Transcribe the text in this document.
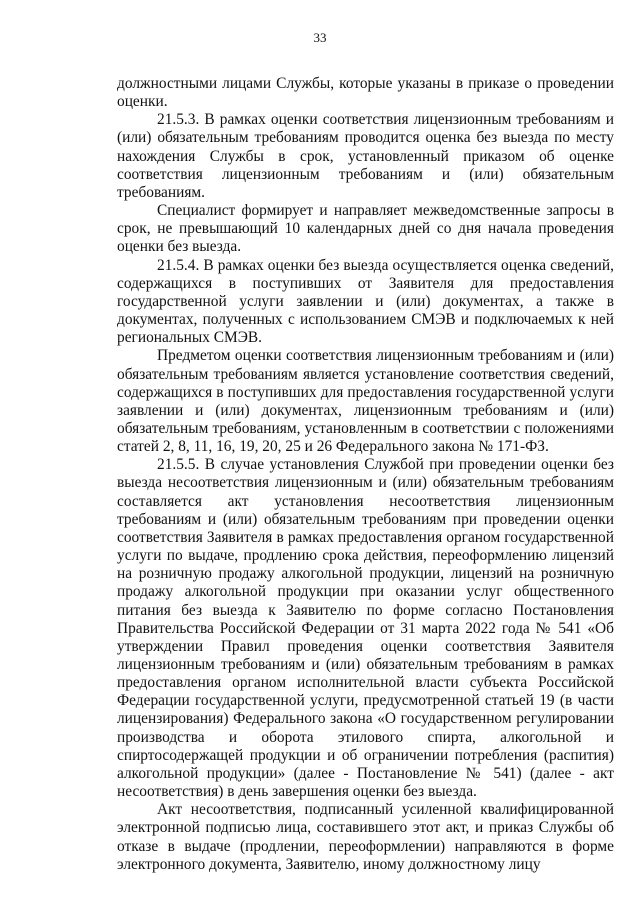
33

должностными лицами Службы, которые указаны в приказе о проведении оценки.

21.5.3. В рамках оценки соответствия лицензионным требованиям и (или) обязательным требованиям проводится оценка без выезда по месту нахождения Службы в срок, установленный приказом об оценке соответствия лицензионным требованиям и (или) обязательным требованиям.

Специалист формирует и направляет межведомственные запросы в срок, не превышающий 10 календарных дней со дня начала проведения оценки без выезда.

21.5.4. В рамках оценки без выезда осуществляется оценка сведений, содержащихся в поступивших от Заявителя для предоставления государственной услуги заявлении и (или) документах, а также в документах, полученных с использованием СМЭВ и подключаемых к ней региональных СМЭВ.

Предметом оценки соответствия лицензионным требованиям и (или) обязательным требованиям является установление соответствия сведений, содержащихся в поступивших для предоставления государственной услуги заявлении и (или) документах, лицензионным требованиям и (или) обязательным требованиям, установленным в соответствии с положениями статей 2, 8, 11, 16, 19, 20, 25 и 26 Федерального закона № 171-ФЗ.

21.5.5. В случае установления Службой при проведении оценки без выезда несоответствия лицензионным и (или) обязательным требованиям составляется акт установления несоответствия лицензионным требованиям и (или) обязательным требованиям при проведении оценки соответствия Заявителя в рамках предоставления органом государственной услуги по выдаче, продлению срока действия, переоформлению лицензий на розничную продажу алкогольной продукции, лицензий на розничную продажу алкогольной продукции при оказании услуг общественного питания без выезда к Заявителю по форме согласно Постановления Правительства Российской Федерации от 31 марта 2022 года № 541 «Об утверждении Правил проведения оценки соответствия Заявителя лицензионным требованиям и (или) обязательным требованиям в рамках предоставления органом исполнительной власти субъекта Российской Федерации государственной услуги, предусмотренной статьей 19 (в части лицензирования) Федерального закона «О государственном регулировании производства и оборота этилового спирта, алкогольной и спиртосодержащей продукции и об ограничении потребления (распития) алкогольной продукции» (далее - Постановление № 541) (далее - акт несоответствия) в день завершения оценки без выезда.

Акт несоответствия, подписанный усиленной квалифицированной электронной подписью лица, составившего этот акт, и приказ Службы об отказе в выдаче (продлении, переоформлении) направляются в форме электронного документа, Заявителю, иному должностному лицу
